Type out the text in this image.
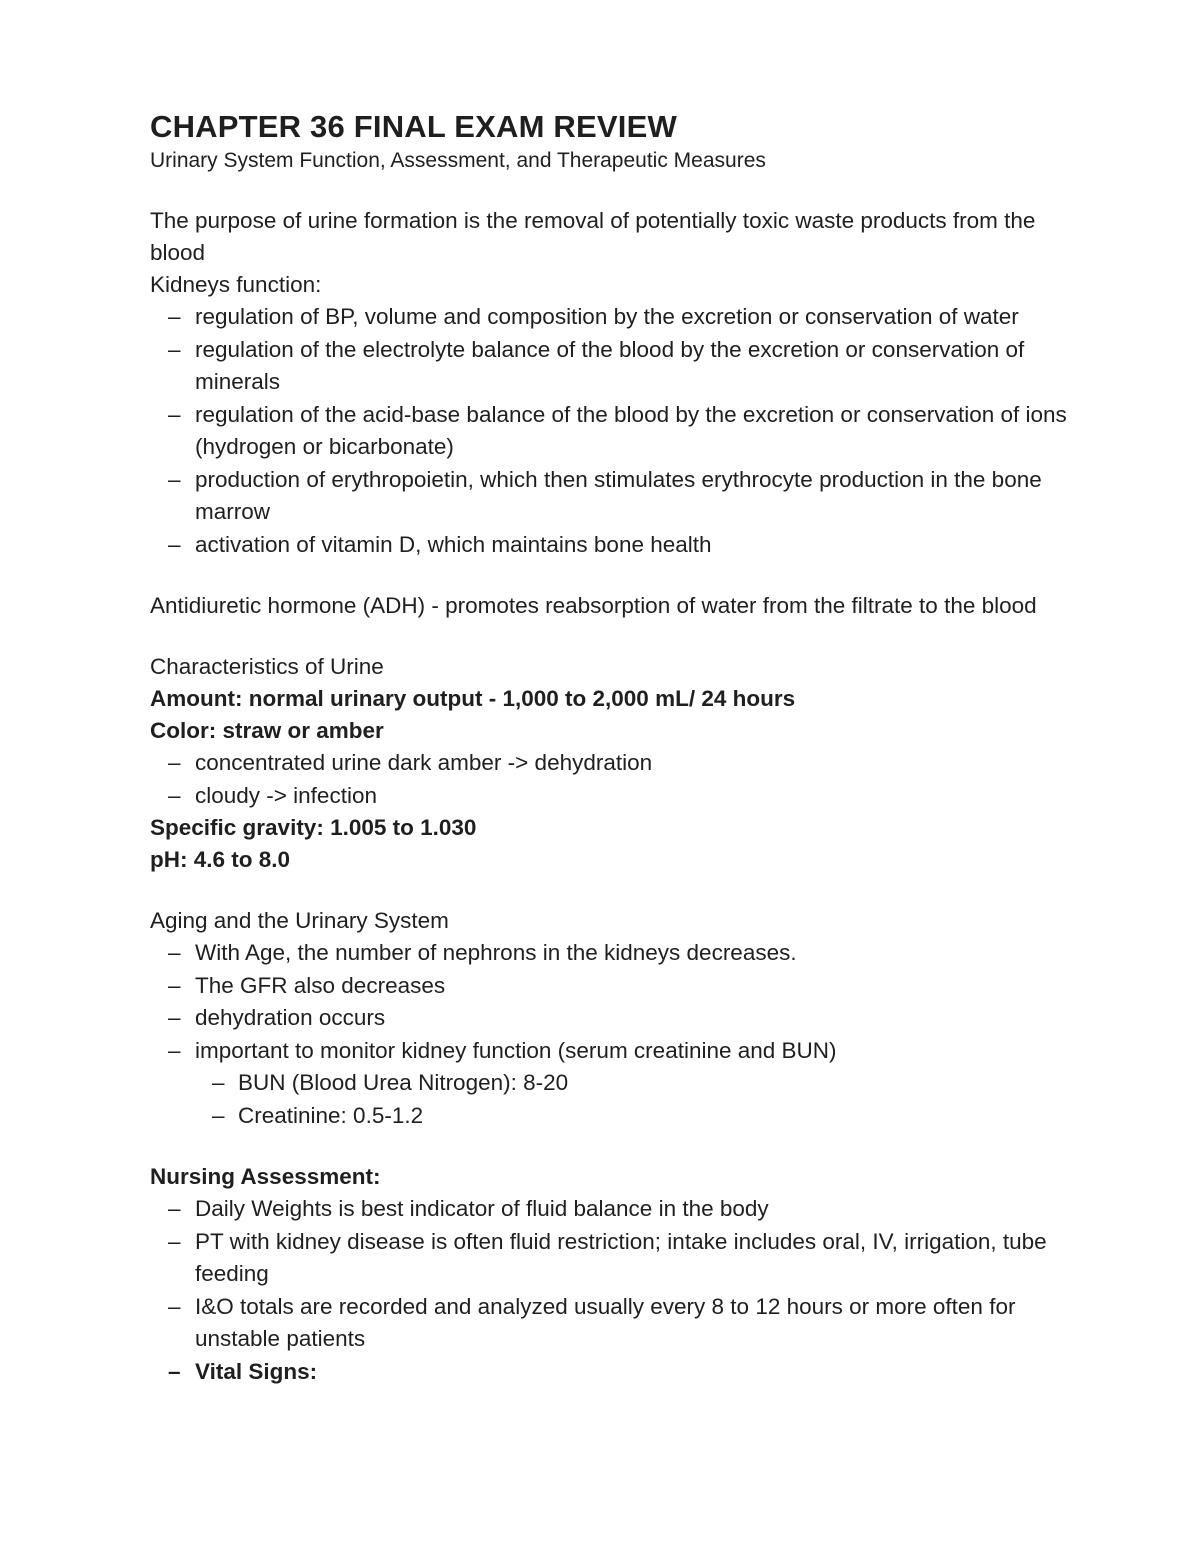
CHAPTER 36 FINAL EXAM REVIEW

Urinary System Function, Assessment, and Therapeutic Measures

The purpose of urine formation is the removal of potentially toxic waste products from the blood

Kidneys function:

– regulation of BP, volume and composition by the excretion or conservation of water
– regulation of the electrolyte balance of the blood by the excretion or conservation of minerals
– regulation of the acid-base balance of the blood by the excretion or conservation of ions (hydrogen or bicarbonate)
– production of erythropoietin, which then stimulates erythrocyte production in the bone marrow
– activation of vitamin D, which maintains bone health

Antidiuretic hormone (ADH) - promotes reabsorption of water from the filtrate to the blood

Characteristics of Urine

Amount: normal urinary output - 1,000 to 2,000 mL/ 24 hours

Color: straw or amber

– concentrated urine dark amber -> dehydration
– cloudy -> infection

Specific gravity: 1.005 to 1.030

pH: 4.6 to 8.0

Aging and the Urinary System

– With Age, the number of nephrons in the kidneys decreases.
– The GFR also decreases
– dehydration occurs
– important to monitor kidney function (serum creatinine and BUN)
– BUN (Blood Urea Nitrogen): 8-20
– Creatinine: 0.5-1.2

Nursing Assessment:

– Daily Weights is best indicator of fluid balance in the body
– PT with kidney disease is often fluid restriction; intake includes oral, IV, irrigation, tube feeding
– I&O totals are recorded and analyzed usually every 8 to 12 hours or more often for unstable patients
– Vital Signs:
